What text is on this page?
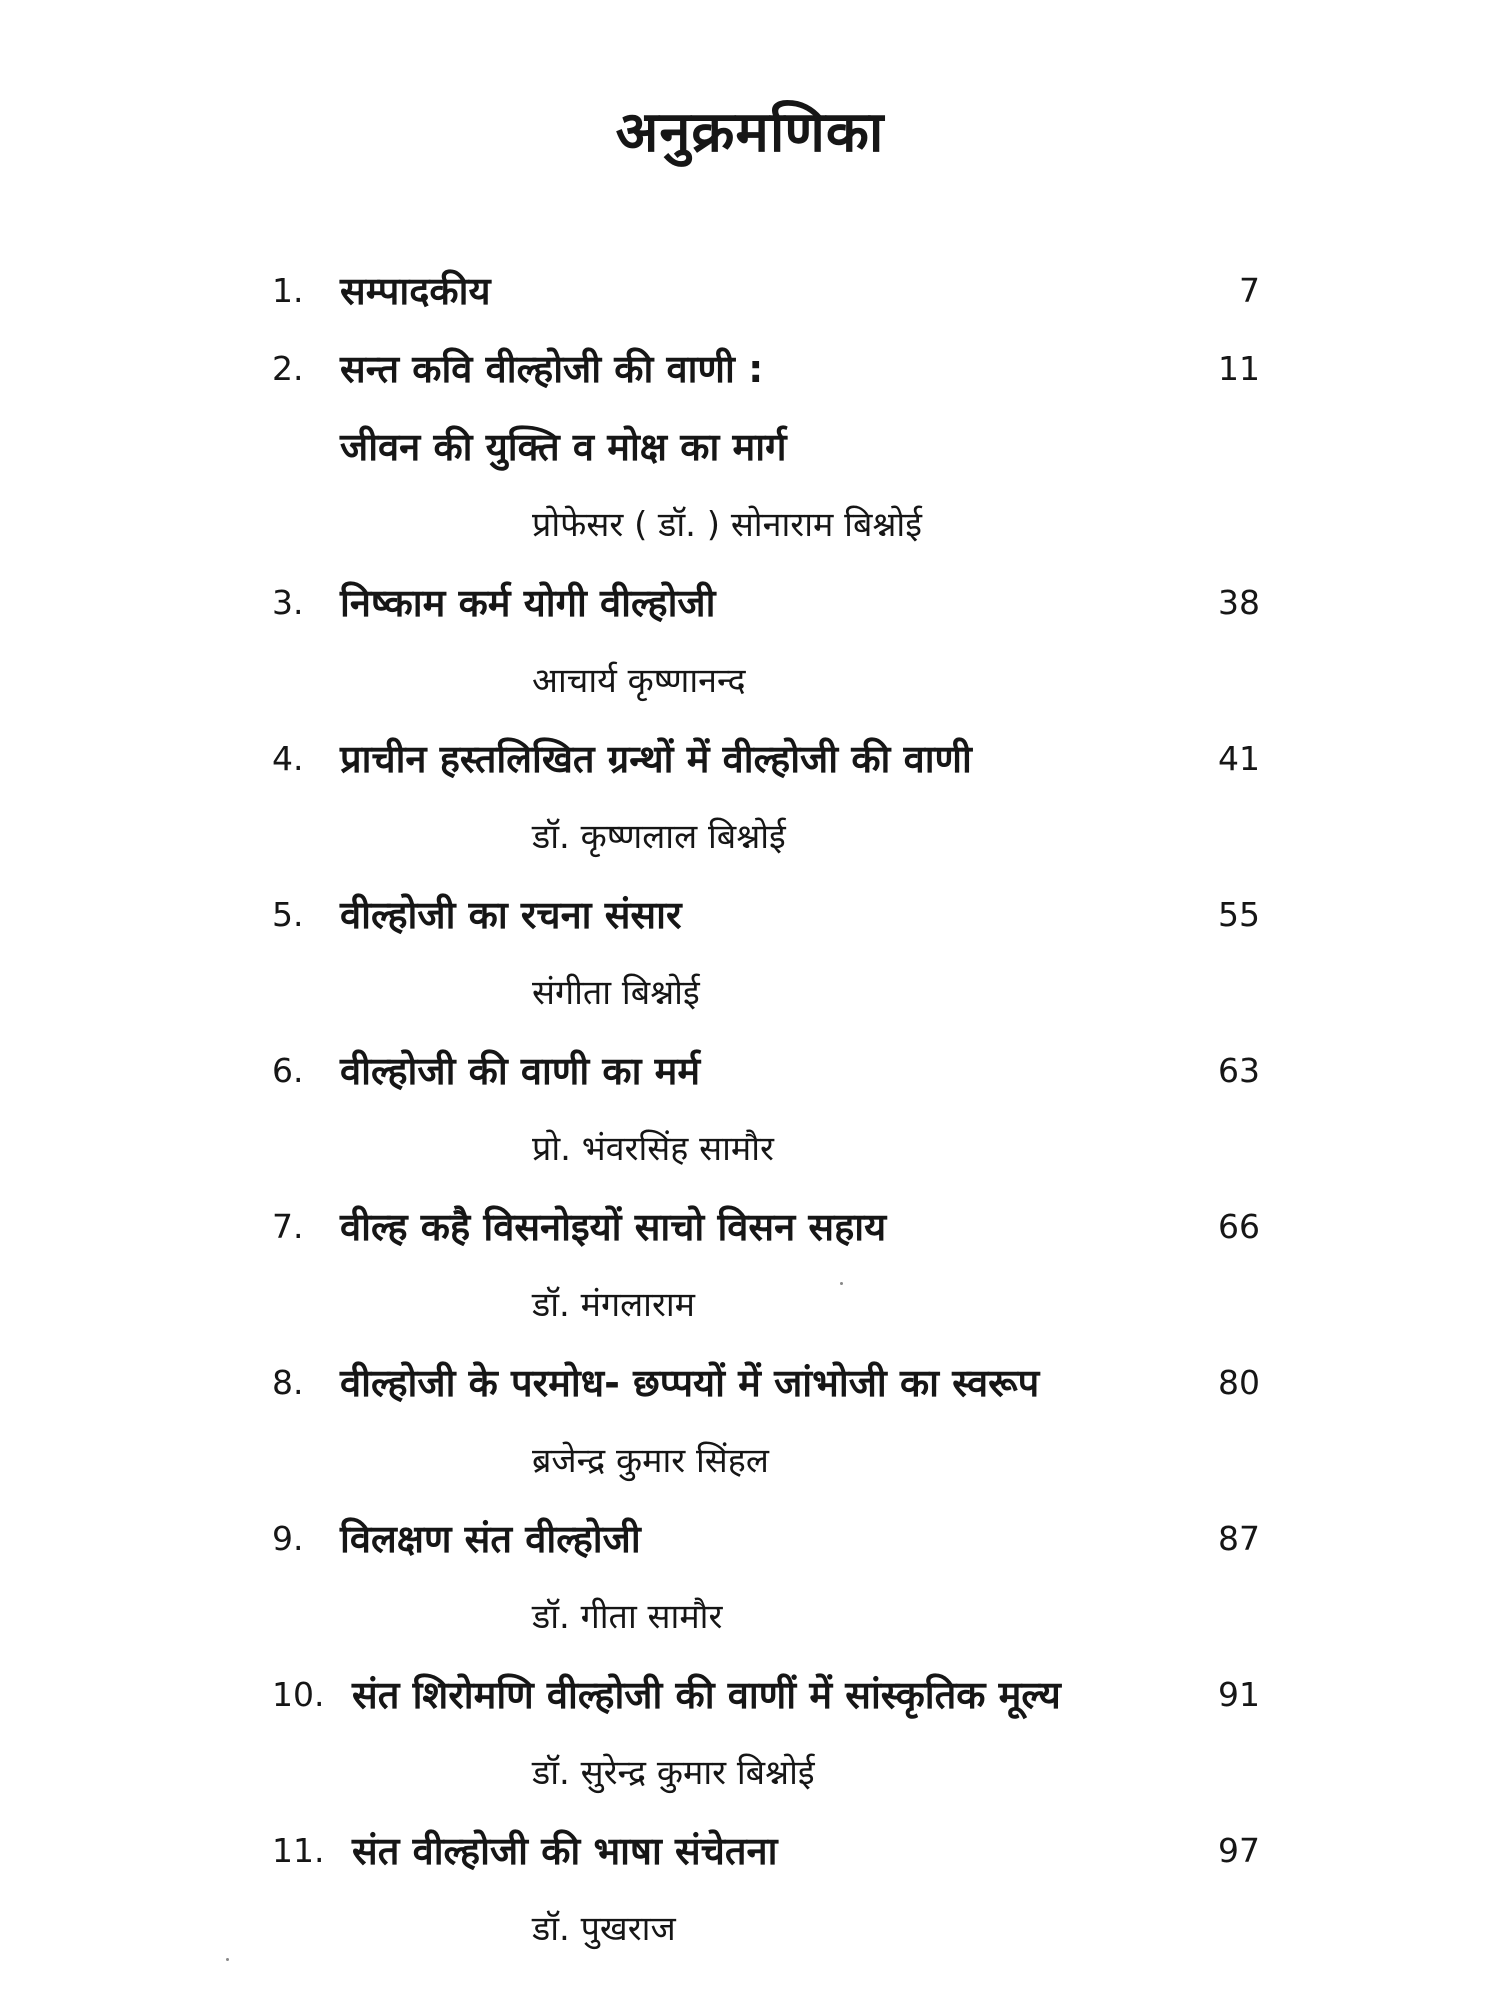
अनुक्रमणिका
1. सम्पादकीय	7
2. सन्त कवि वील्होजी की वाणी :
जीवन की युक्ति व मोक्ष का मार्ग
प्रोफेसर ( डॉ. ) सोनाराम बिश्नोई
11
3. निष्काम कर्म योगी वील्होजी
आचार्य कृष्णानन्द
38
4. प्राचीन हस्तलिखित ग्रन्थों में वील्होजी की वाणी
डॉ. कृष्णलाल बिश्नोई
41
5. वील्होजी का रचना संसार
संगीता बिश्नोई
55
6. वील्होजी की वाणी का मर्म
प्रो. भंवरसिंह सामौर
63
7. वील्ह कहै विसनोइयों साचो विसन सहाय
डॉ. मंगलाराम
66
8. वील्होजी के परमोध- छप्पयों में जांभोजी का स्वरूप
ब्रजेन्द्र कुमार सिंहल
80
9. विलक्षण संत वील्होजी
डॉ. गीता सामौर
87
10. संत शिरोमणि वील्होजी की वाणीं में सांस्कृतिक मूल्य
डॉ. सुरेन्द्र कुमार बिश्नोई
91
11. संत वील्होजी की भाषा संचेतना
डॉ. पुखराज
97
